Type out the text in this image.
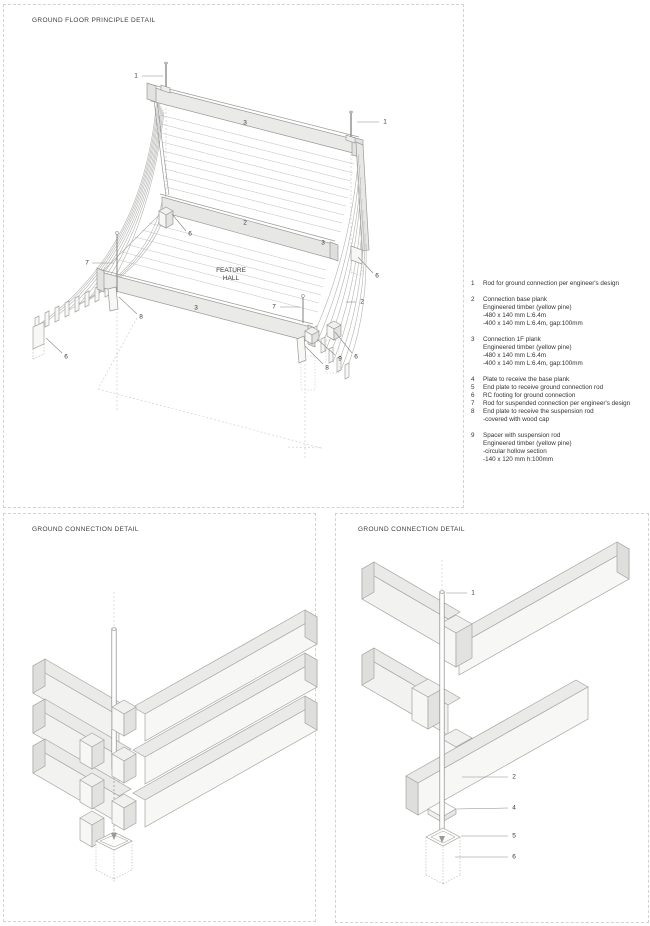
1
1
3
2
3
3
6
7
8
6
6
2
7
9 6
8
1
2
4
5
6
GROUND FLOOR PRINCIPLE DETAIL
GROUND CONNECTION DETAIL	GROUND CONNECTION DETAIL
FEATURE
HALL
1	Rod for ground connection per engineer's design
2	Connection base plank
Engineered timber (yellow pine)
-480 x 140 mm L:6.4m
-400 x 140 mm L:6.4m, gap:100mm
3	Connection 1F plank
Engineered timber (yellow pine)
-480 x 140 mm L:6.4m
-400 x 140 mm L:6.4m, gap:100mm
4	Plate to receive the base plank
5	End plate to receive ground connection rod
6	RC footing for ground connection
7	Rod for suspended connection per engineer's design
8	End plate to receive the suspension rod
-covered with wood cap
9	Spacer with suspension rod
Engineered timber (yellow pine)
-circular hollow section
-140 x 120 mm h:100mm
